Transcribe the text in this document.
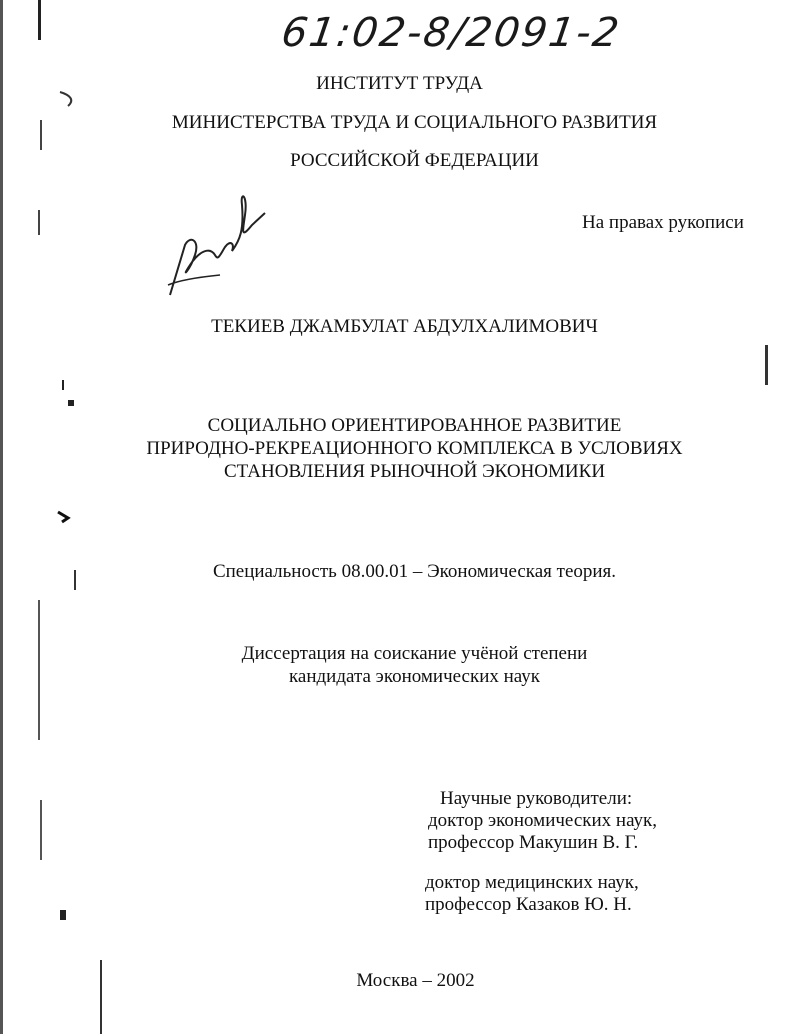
61:02-8/2091-2
ИНСТИТУТ ТРУДА
МИНИСТЕРСТВА ТРУДА И СОЦИАЛЬНОГО РАЗВИТИЯ
РОССИЙСКОЙ ФЕДЕРАЦИИ
На правах рукописи
ТЕКИЕВ ДЖАМБУЛАТ АБДУЛХАЛИМОВИЧ
СОЦИАЛЬНО ОРИЕНТИРОВАННОЕ РАЗВИТИЕ
ПРИРОДНО-РЕКРЕАЦИОННОГО КОМПЛЕКСА В УСЛОВИЯХ
СТАНОВЛЕНИЯ РЫНОЧНОЙ ЭКОНОМИКИ
Специальность 08.00.01 – Экономическая теория.
Диссертация на соискание учёной степени
кандидата экономических наук
Научные руководители:
доктор экономических наук,
профессор Макушин В. Г.
доктор медицинских наук,
профессор Казаков Ю. Н.
Москва – 2002
